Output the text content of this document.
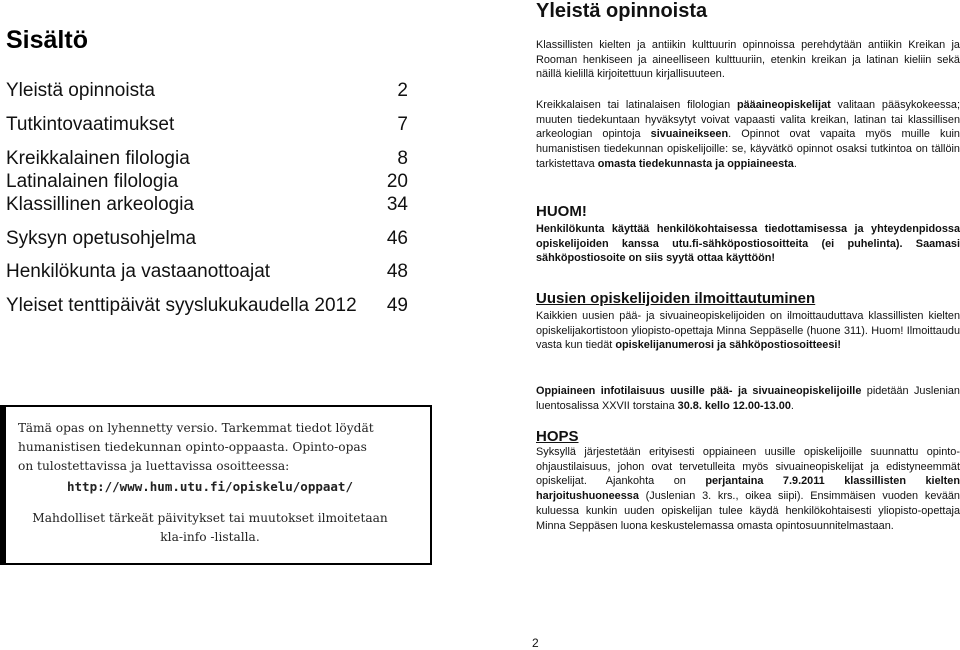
Sisältö
Yleistä opinnoista	2
Tutkintovaatimukset	7
Kreikkalainen filologia	8
Latinalainen filologia	20
Klassillinen arkeologia	34
Syksyn opetusohjelma	46
Henkilökunta ja vastaanottoajat	48
Yleiset tenttipäivät syyslukukaudella 2012 49
Tämä opas on lyhennetty versio. Tarkemmat tiedot löydät
humanistisen tiedekunnan opinto-oppaasta. Opinto-opas
on tulostettavissa ja luettavissa osoitteessa:
http://www.hum.utu.fi/opiskelu/oppaat/
Mahdolliset tärkeät päivitykset tai muutokset ilmoitetaan
kla-info -listalla.
Yleistä opinnoista
Klassillisten kielten ja antiikin kulttuurin opinnoissa perehdytään antiikin Kreikan ja Rooman henkiseen ja aineelliseen kulttuuriin, etenkin kreikan ja latinan kieliin sekä näillä kielillä kirjoitettuun kirjallisuuteen.
Kreikkalaisen tai latinalaisen filologian pääaineopiskelijat valitaan pääsykokeessa; muuten tiedekuntaan hyväksytyt voivat vapaasti valita kreikan, latinan tai klassillisen arkeologian opintoja sivuaineikseen. Opinnot ovat vapaita myös muille kuin humanistisen tiedekunnan opiskelijoille: se, käyvätkö opinnot osaksi tutkintoa on tällöin tarkistettava omasta tiedekunnasta ja oppiaineesta.
HUOM!
Henkilökunta käyttää henkilökohtaisessa tiedottamisessa ja yhteydenpidossa opiskelijoiden kanssa utu.fi-sähköpostiosoitteita (ei puhelinta). Saamasi sähköpostiosoite on siis syytä ottaa käyttöön!
Uusien opiskelijoiden ilmoittautuminen
Kaikkien uusien pää- ja sivuaineopiskelijoiden on ilmoittauduttava klassillisten kielten opiskelijakortistoon yliopisto-opettaja Minna Seppäselle (huone 311). Huom! Ilmoittaudu vasta kun tiedät opiskelijanumerosi ja sähköpostiosoitteesi!
Oppiaineen infotilaisuus uusille pää- ja sivuaineopiskelijoille pidetään Juslenian luentosalissa XXVII torstaina 30.8. kello 12.00-13.00.
HOPS
Syksyllä järjestetään erityisesti oppiaineen uusille opiskelijoille suunnattu opinto-ohjaustilaisuus, johon ovat tervetulleita myös sivuaineopiskelijat ja edistyneemmät opiskelijat. Ajankohta on perjantaina 7.9.2011 klassillisten kielten harjoitushuoneessa (Juslenian 3. krs., oikea siipi). Ensimmäisen vuoden kevään kuluessa kunkin uuden opiskelijan tulee käydä henkilökohtaisesti yliopisto-opettaja Minna Seppäsen luona keskustelemassa omasta opintosuunnitelmastaan.
2
